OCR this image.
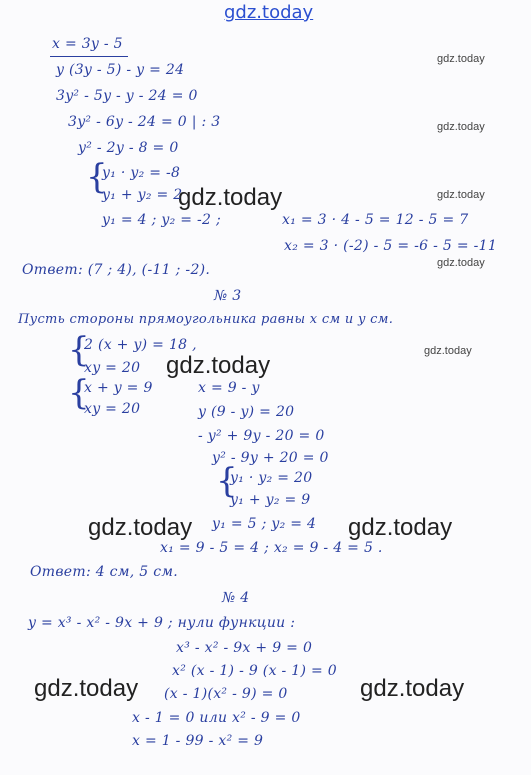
gdz.today
gdz.today
gdz.today
gdz.today
gdz.today
gdz.today
gdz.today
gdz.today
gdz.today	gdz.today
gdz.today	gdz.today
{
{
{
{
x = 3y - 5
y (3y - 5) - y = 24
3y² - 5y - y - 24 = 0
3y² - 6y - 24 = 0 | : 3
y² - 2y - 8 = 0
y₁ · y₂ = -8
y₁ + y₂ = 2
y₁ = 4 ; y₂ = -2 ;	x₁ = 3 · 4 - 5 = 12 - 5 = 7
x₂ = 3 · (-2) - 5 = -6 - 5 = -11
Ответ: (7 ; 4), (-11 ; -2).
№ 3
Пусть стороны прямоугольника равны x см и y см.
2 (x + y) = 18 ,
xy = 20
x + y = 9
xy = 20
x = 9 - y
y (9 - y) = 20
- y² + 9y - 20 = 0
y² - 9y + 20 = 0
y₁ · y₂ = 20
y₁ + y₂ = 9
y₁ = 5 ; y₂ = 4
x₁ = 9 - 5 = 4 ; x₂ = 9 - 4 = 5 .
Ответ: 4 см, 5 см.
№ 4
y = x³ - x² - 9x + 9 ; нули функции :
x³ - x² - 9x + 9 = 0
x² (x - 1) - 9 (x - 1) = 0
(x - 1)(x² - 9) = 0
x - 1 = 0 или x² - 9 = 0
x = 1 - 99 - x² = 9
